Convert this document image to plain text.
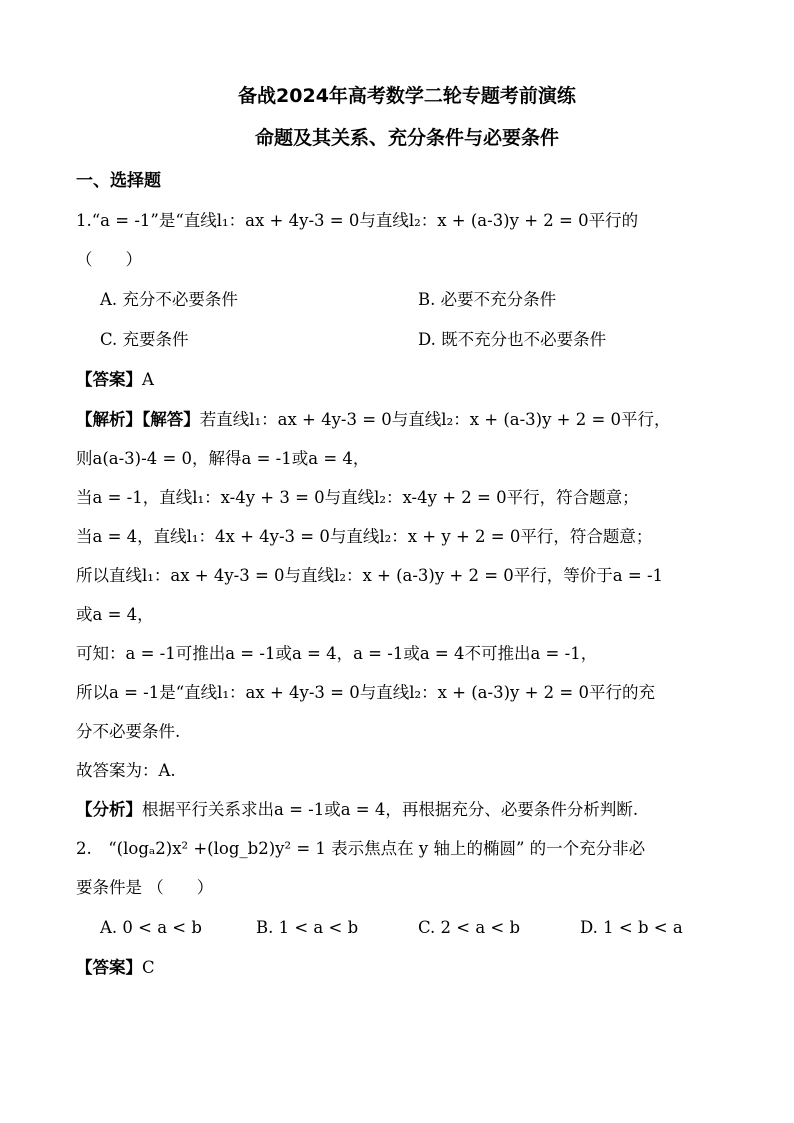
备战2024年高考数学二轮专题考前演练
命题及其关系、充分条件与必要条件
一、选择题
1.“a = -1”是“直线l₁：ax + 4y-3 = 0与直线l₂：x + (a-3)y + 2 = 0平行的
（　　）
A. 充分不必要条件	B. 必要不充分条件
C. 充要条件	D. 既不充分也不必要条件
【答案】A
【解析】【解答】若直线l₁：ax + 4y-3 = 0与直线l₂：x + (a-3)y + 2 = 0平行，
则a(a-3)-4 = 0，解得a = -1或a = 4，
当a = -1，直线l₁：x-4y + 3 = 0与直线l₂：x-4y + 2 = 0平行，符合题意；
当a = 4，直线l₁：4x + 4y-3 = 0与直线l₂：x + y + 2 = 0平行，符合题意；
所以直线l₁：ax + 4y-3 = 0与直线l₂：x + (a-3)y + 2 = 0平行，等价于a = -1
或a = 4，
可知：a = -1可推出a = -1或a = 4，a = -1或a = 4不可推出a = -1，
所以a = -1是“直线l₁：ax + 4y-3 = 0与直线l₂：x + (a-3)y + 2 = 0平行的充
分不必要条件.
故答案为：A.
【分析】根据平行关系求出a = -1或a = 4，再根据充分、必要条件分析判断.
2.　“(logₐ2)x² +(log_b2)y² = 1 表示焦点在 y 轴上的椭圆” 的一个充分非必
要条件是 （　　）
A. 0 < a < b	B. 1 < a < b	C. 2 < a < b	D. 1 < b < a
【答案】C
